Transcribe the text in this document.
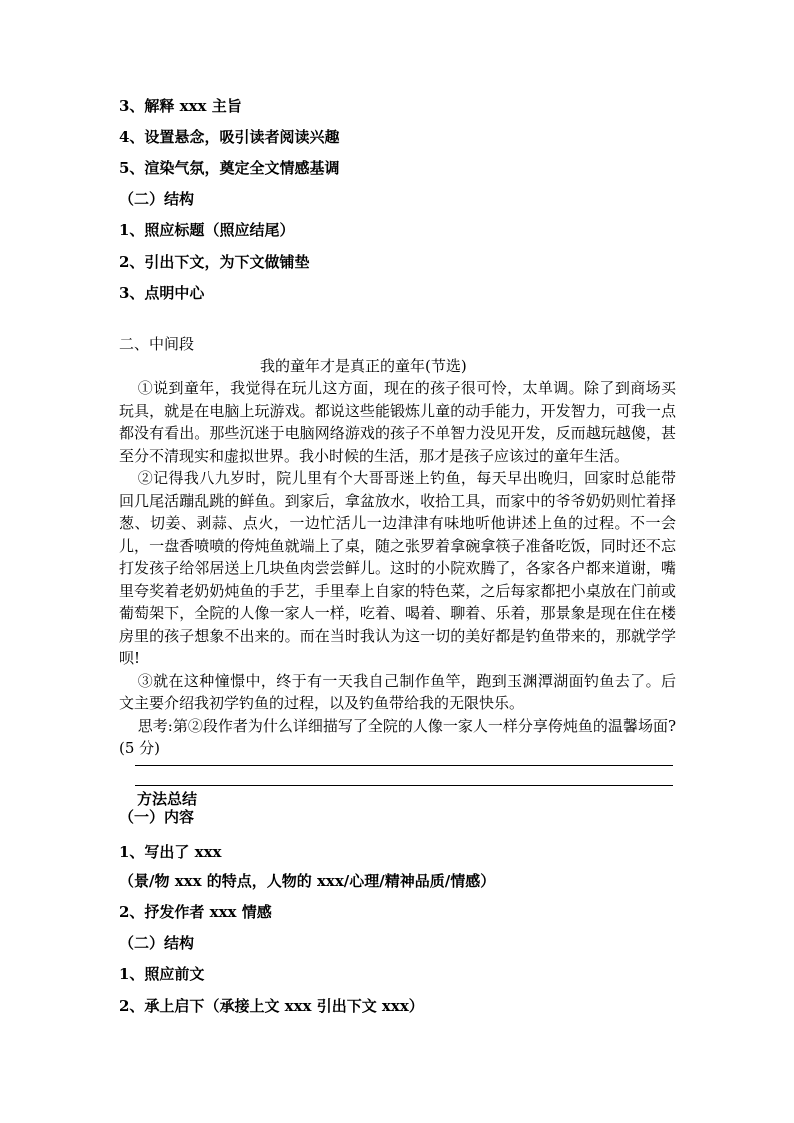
3、解释 xxx 主旨
4、设置悬念，吸引读者阅读兴趣
5、渲染气氛，奠定全文情感基调
（二）结构
1、照应标题（照应结尾）
2、引出下文，为下文做铺垫
3、点明中心
二、中间段
我的童年才是真正的童年(节选)

①说到童年，我觉得在玩儿这方面，现在的孩子很可怜，太单调。除了到商场买玩具，就是在电脑上玩游戏。都说这些能锻炼儿童的动手能力，开发智力，可我一点都没有看出。那些沉迷于电脑网络游戏的孩子不单智力没见开发，反而越玩越傻，甚至分不清现实和虚拟世界。我小时候的生活，那才是孩子应该过的童年生活。

②记得我八九岁时，院儿里有个大哥哥迷上钓鱼，每天早出晚归，回家时总能带回几尾活蹦乱跳的鲜鱼。到家后，拿盆放水，收拾工具，而家中的爷爷奶奶则忙着择葱、切姜、剥蒜、点火，一边忙活儿一边津津有味地听他讲述上鱼的过程。不一会儿，一盘香喷喷的侉炖鱼就端上了桌，随之张罗着拿碗拿筷子准备吃饭，同时还不忘打发孩子给邻居送上几块鱼肉尝尝鲜儿。这时的小院欢腾了，各家各户都来道谢，嘴里夸奖着老奶奶炖鱼的手艺，手里奉上自家的特色菜，之后每家都把小桌放在门前或葡萄架下，全院的人像一家人一样，吃着、喝着、聊着、乐着，那景象是现在住在楼房里的孩子想象不出来的。而在当时我认为这一切的美好都是钓鱼带来的，那就学学呗!

③就在这种憧憬中，终于有一天我自己制作鱼竿，跑到玉渊潭湖面钓鱼去了。后文主要介绍我初学钓鱼的过程，以及钓鱼带给我的无限快乐。

思考:第②段作者为什么详细描写了全院的人像一家人一样分享侉炖鱼的温馨场面?(5 分)

方法总结
（一）内容
1、写出了 xxx
（景/物 xxx 的特点，人物的 xxx/心理/精神品质/情感）
2、抒发作者 xxx 情感
（二）结构
1、照应前文
2、承上启下（承接上文 xxx 引出下文 xxx）
